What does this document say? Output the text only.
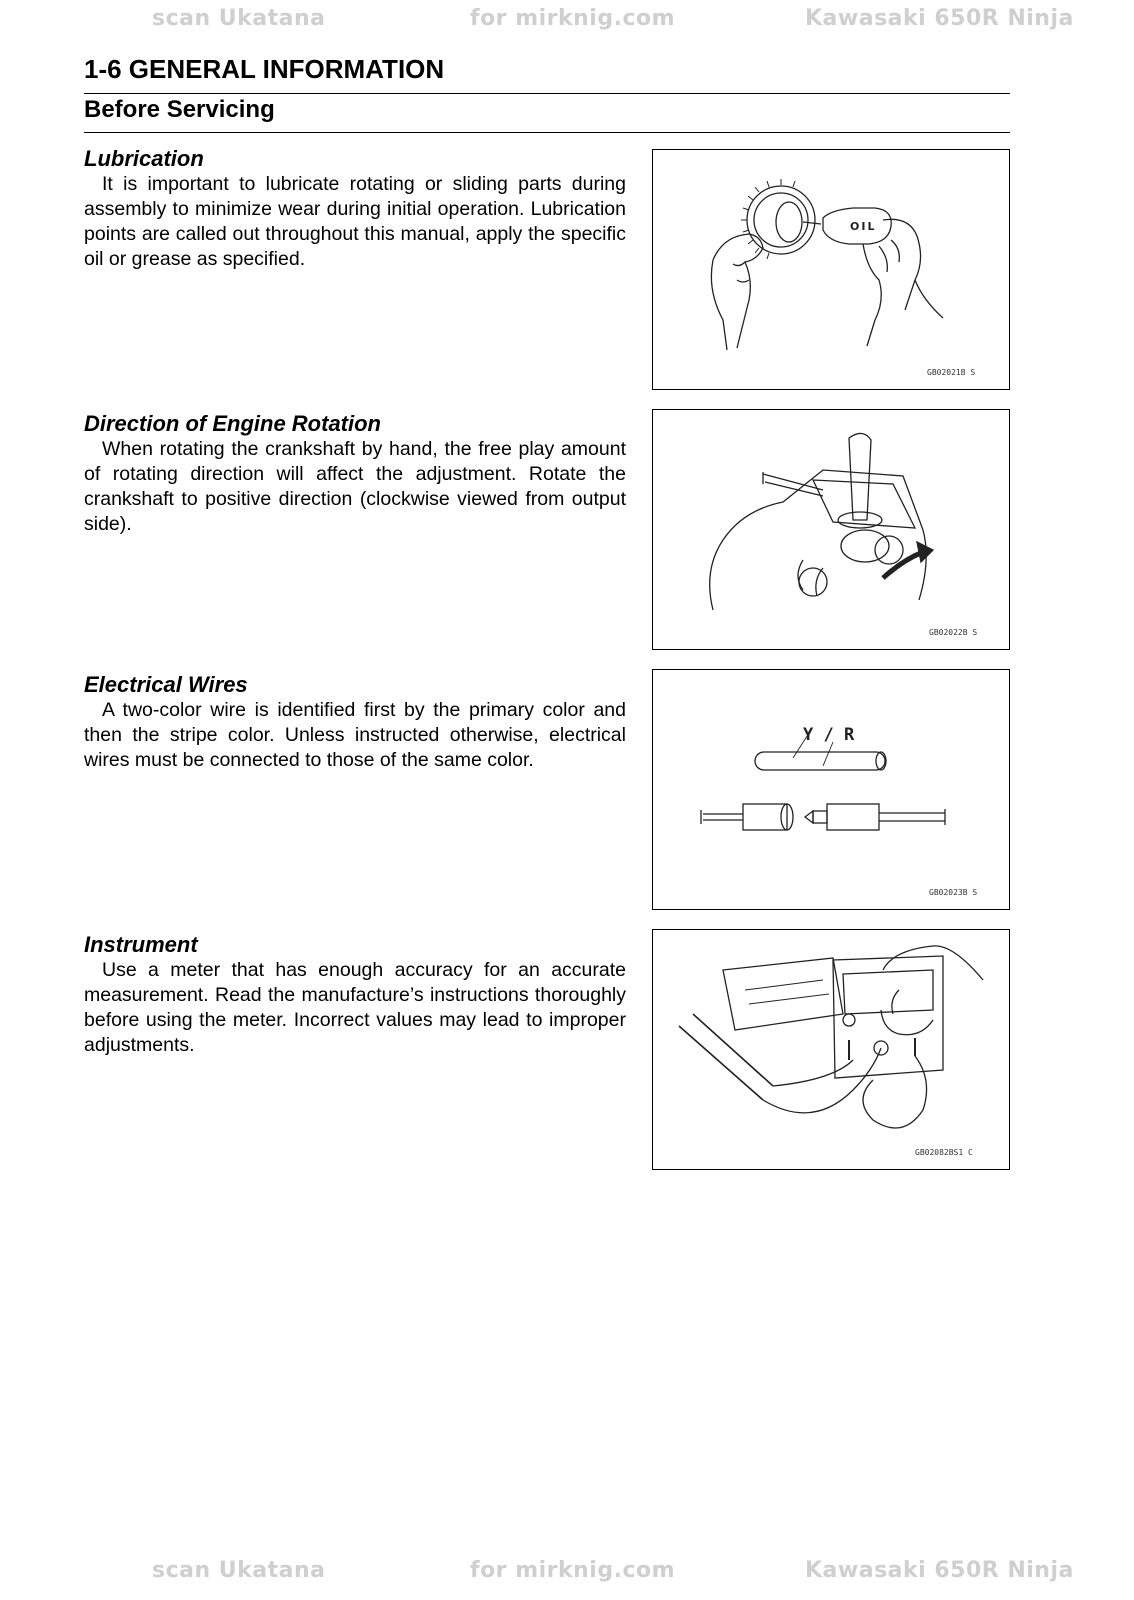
scan Ukatana	for mirknig.com	Kawasaki 650R Ninja
1-6 GENERAL INFORMATION
Before Servicing
Lubrication

It is important to lubricate rotating or sliding parts during assembly to minimize wear during initial operation. Lubrication points are called out throughout this manual, apply the specific oil or grease as specified.

OIL
GB02021B S
Direction of Engine Rotation

When rotating the crankshaft by hand, the free play amount of rotating direction will affect the adjustment. Rotate the crankshaft to positive direction (clockwise viewed from output side).

GB02022B S
Electrical Wires

A two-color wire is identified first by the primary color and then the stripe color. Unless instructed otherwise, electrical wires must be connected to those of the same color.

Y / R
GB02023B S
Instrument

Use a meter that has enough accuracy for an accurate measurement. Read the manufacture’s instructions thoroughly before using the meter. Incorrect values may lead to improper adjustments.

GB02082BS1 C
scan Ukatana	for mirknig.com	Kawasaki 650R Ninja
